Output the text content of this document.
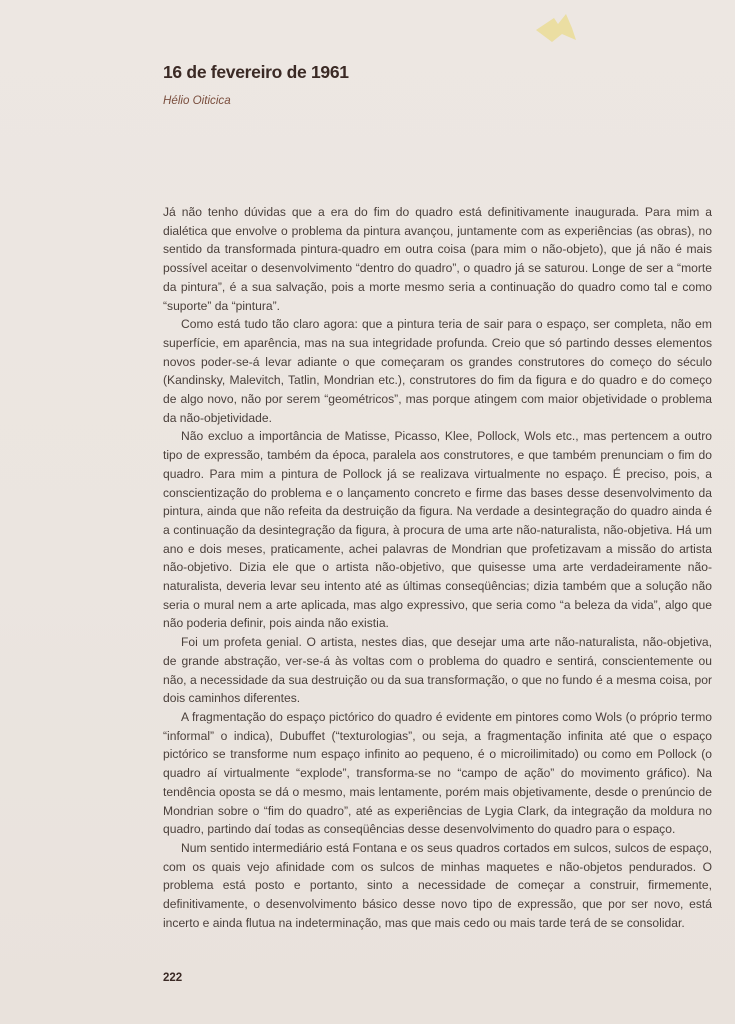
16 de fevereiro de 1961
Hélio Oiticica

Já não tenho dúvidas que a era do fim do quadro está definitivamente inaugurada. Para mim a dialética que envolve o problema da pintura avançou, juntamente com as experiências (as obras), no sentido da transformada pintura-quadro em outra coisa (para mim o não-objeto), que já não é mais possível aceitar o desenvolvimento “dentro do quadro”, o quadro já se saturou. Longe de ser a “morte da pintura”, é a sua salvação, pois a morte mesmo seria a continuação do quadro como tal e como “suporte” da “pintura”.

Como está tudo tão claro agora: que a pintura teria de sair para o espaço, ser completa, não em superfície, em aparência, mas na sua integridade profunda. Creio que só partindo desses elementos novos poder-se-á levar adiante o que começaram os grandes construtores do começo do século (Kandinsky, Malevitch, Tatlin, Mondrian etc.), construtores do fim da figura e do quadro e do começo de algo novo, não por serem “geométricos”, mas porque atingem com maior objetividade o problema da não-objetividade.

Não excluo a importância de Matisse, Picasso, Klee, Pollock, Wols etc., mas pertencem a outro tipo de expressão, também da época, paralela aos construtores, e que também prenunciam o fim do quadro. Para mim a pintura de Pollock já se realizava virtualmente no espaço. É preciso, pois, a conscientização do problema e o lançamento concreto e firme das bases desse desenvolvimento da pintura, ainda que não refeita da destruição da figura. Na verdade a desintegração do quadro ainda é a continuação da desintegração da figura, à procura de uma arte não-naturalista, não-objetiva. Há um ano e dois meses, praticamente, achei palavras de Mondrian que profetizavam a missão do artista não-objetivo. Dizia ele que o artista não-objetivo, que quisesse uma arte verdadeiramente não-naturalista, deveria levar seu intento até as últimas conseqüências; dizia também que a solução não seria o mural nem a arte aplicada, mas algo expressivo, que seria como “a beleza da vida”, algo que não poderia definir, pois ainda não existia.

Foi um profeta genial. O artista, nestes dias, que desejar uma arte não-naturalista, não-objetiva, de grande abstração, ver-se-á às voltas com o problema do quadro e sentirá, conscientemente ou não, a necessidade da sua destruição ou da sua transformação, o que no fundo é a mesma coisa, por dois caminhos diferentes.

A fragmentação do espaço pictórico do quadro é evidente em pintores como Wols (o próprio termo “informal” o indica), Dubuffet (“texturologias”, ou seja, a fragmentação infinita até que o espaço pictórico se transforme num espaço infinito ao pequeno, é o microilimitado) ou como em Pollock (o quadro aí virtualmente “explode”, transforma-se no “campo de ação” do movimento gráfico). Na tendência oposta se dá o mesmo, mais lentamente, porém mais objetivamente, desde o prenúncio de Mondrian sobre o “fim do quadro”, até as experiências de Lygia Clark, da integração da moldura no quadro, partindo daí todas as conseqüências desse desenvolvimento do quadro para o espaço.

Num sentido intermediário está Fontana e os seus quadros cortados em sulcos, sulcos de espaço, com os quais vejo afinidade com os sulcos de minhas maquetes e não-objetos pendurados. O problema está posto e portanto, sinto a necessidade de começar a construir, firmemente, definitivamente, o desenvolvimento básico desse novo tipo de expressão, que por ser novo, está incerto e ainda flutua na indeterminação, mas que mais cedo ou mais tarde terá de se consolidar.

222
